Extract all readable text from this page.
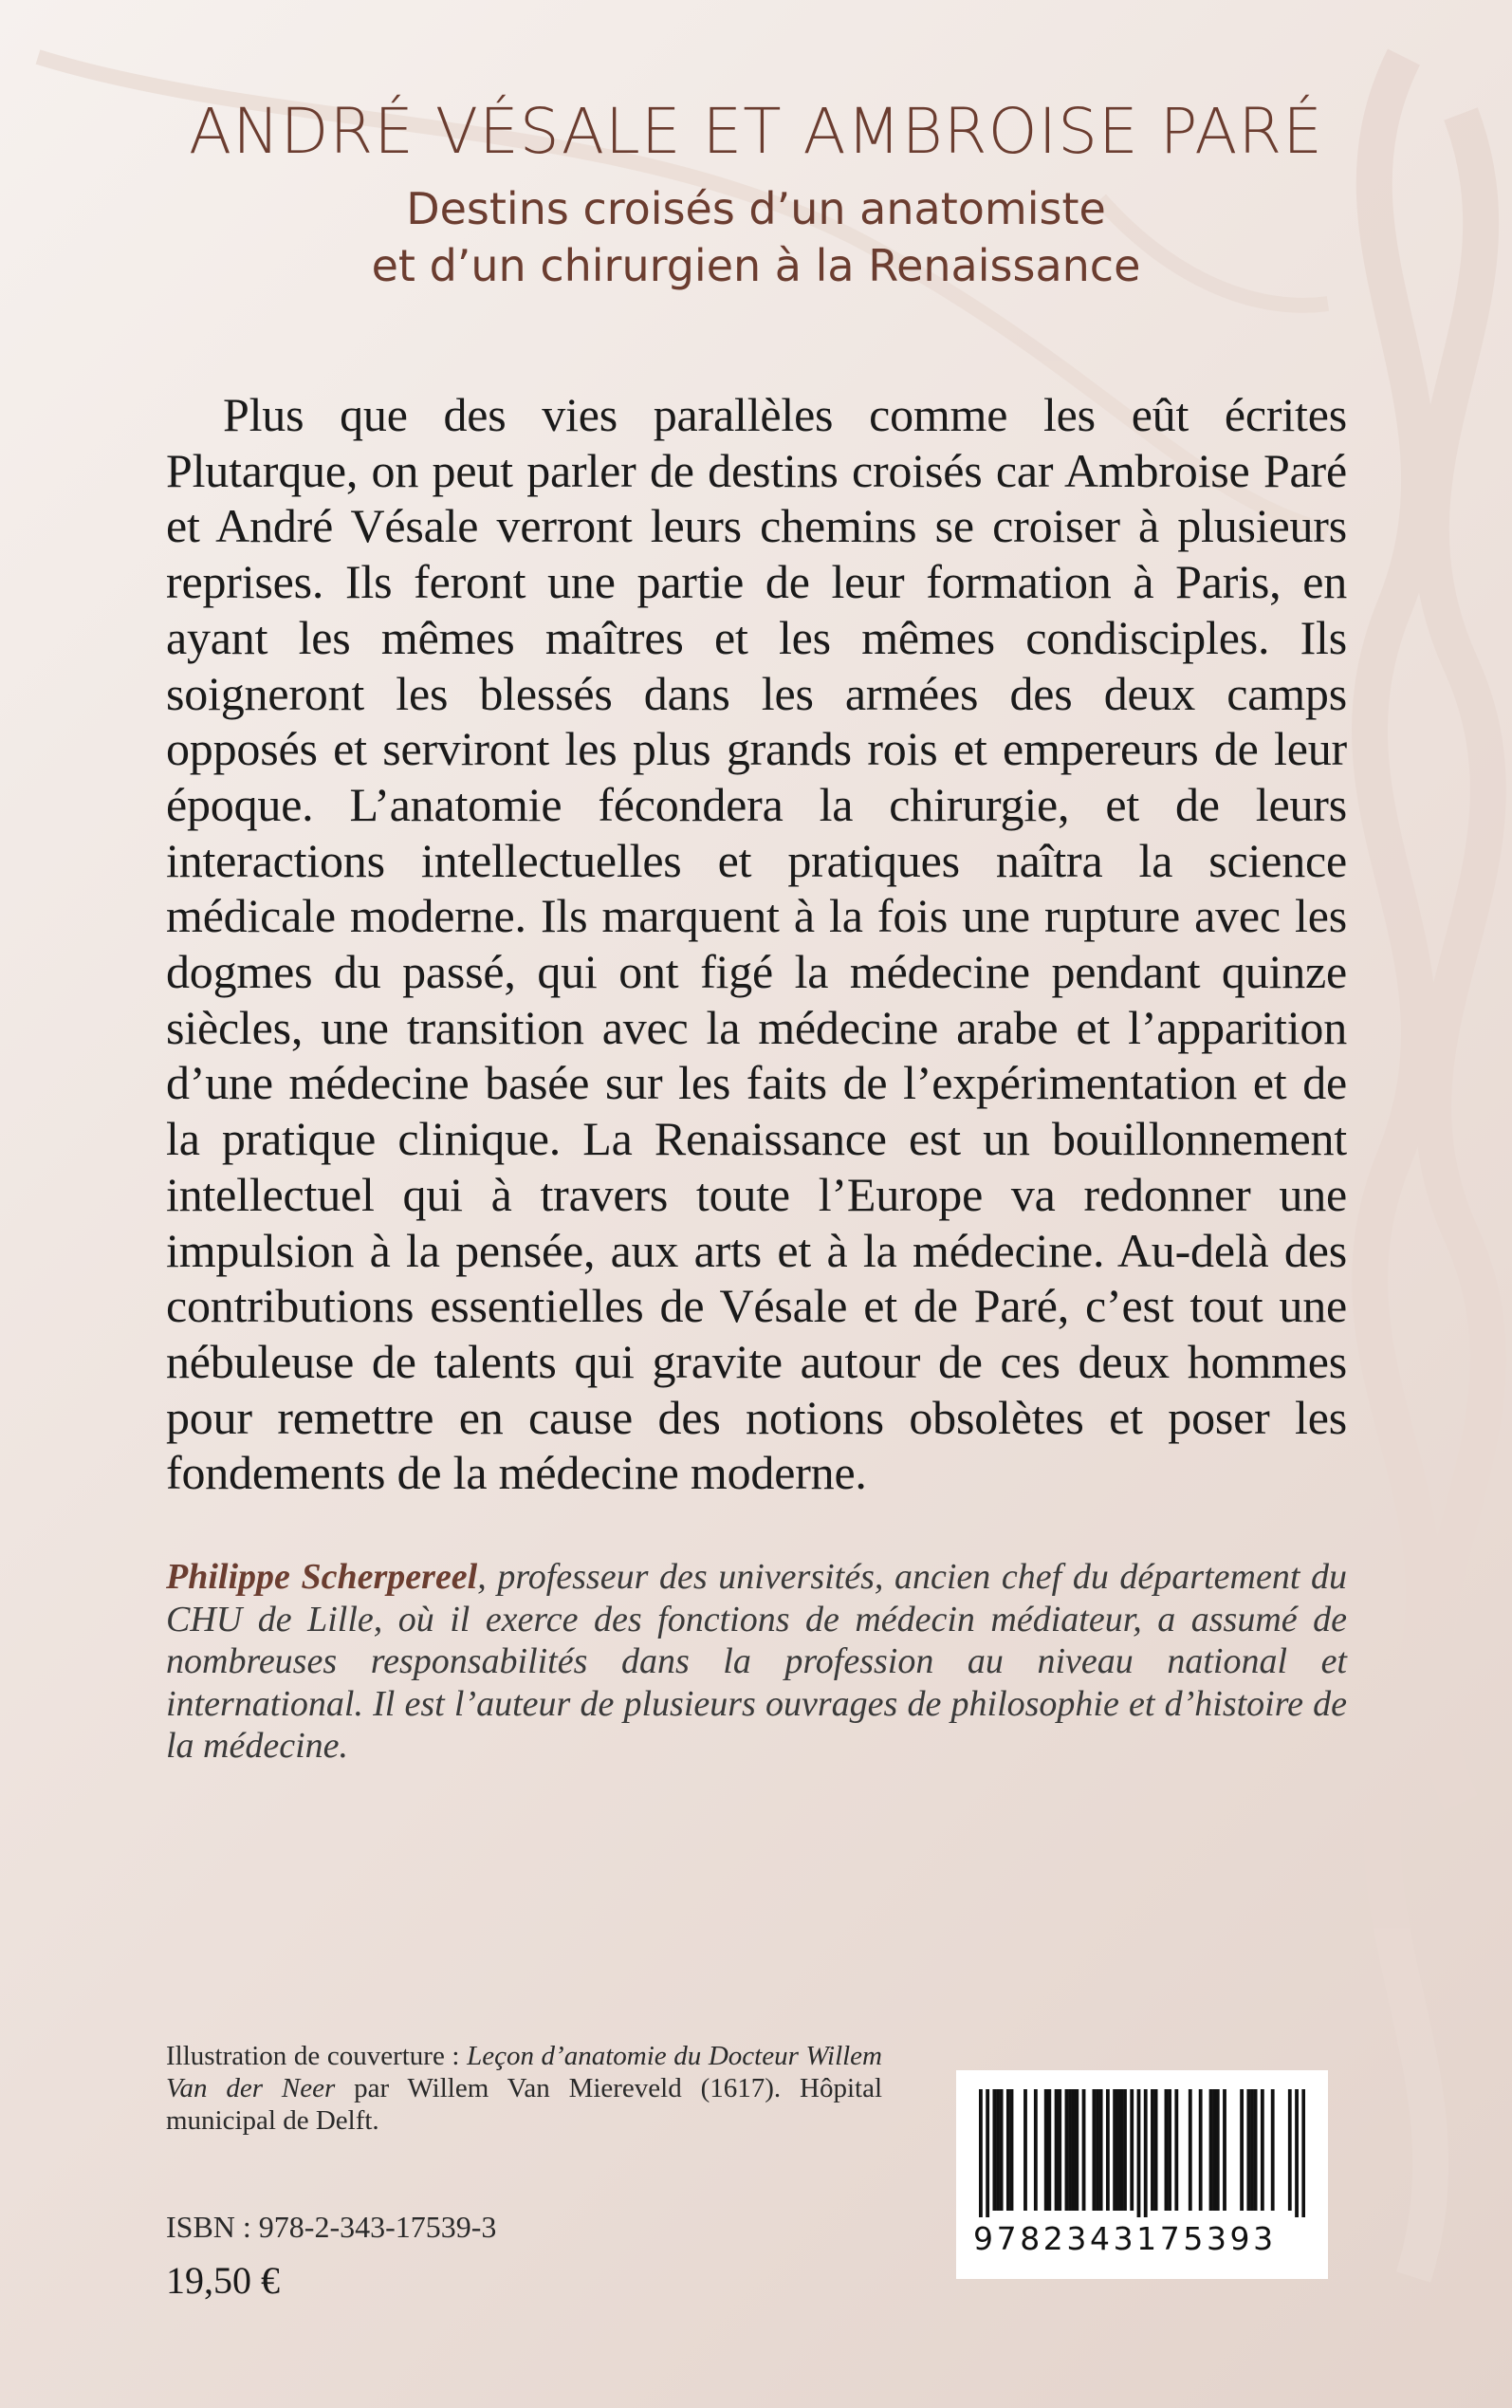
ANDRÉ VÉSALE ET AMBROISE PARÉ
Destins croisés d’un anatomiste
et d’un chirurgien à la Renaissance

Plus que des vies parallèles comme les eût écrites Plutarque, on peut parler de destins croisés car Ambroise Paré et André Vésale verront leurs chemins se croiser à plusieurs reprises. Ils feront une partie de leur formation à Paris, en ayant les mêmes maîtres et les mêmes condisciples. Ils soigneront les blessés dans les armées des deux camps opposés et serviront les plus grands rois et empereurs de leur époque. L’anatomie fécondera la chirurgie, et de leurs interactions intellectuelles et pratiques naîtra la science médicale moderne. Ils marquent à la fois une rupture avec les dogmes du passé, qui ont figé la médecine pendant quinze siècles, une transition avec la médecine arabe et l’apparition d’une médecine basée sur les faits de l’expérimentation et de la pratique clinique. La Renaissance est un bouillonnement intellectuel qui à travers toute l’Europe va redonner une impulsion à la pensée, aux arts et à la médecine. Au-delà des contributions essentielles de Vésale et de Paré, c’est tout une nébuleuse de talents qui gravite autour de ces deux hommes pour remettre en cause des notions obsolètes et poser les fondements de la médecine moderne.

Philippe Scherpereel, professeur des universités, ancien chef du département du CHU de Lille, où il exerce des fonctions de médecin médiateur, a assumé de nombreuses responsabilités dans la profession au niveau national et international. Il est l’auteur de plusieurs ouvrages de philosophie et d’histoire de la médecine.

Illustration de couverture : Leçon d’anatomie du Docteur Willem Van der Neer par Willem Van Miereveld (1617). Hôpital municipal de Delft.

ISBN : 978-2-343-17539-3
19,50 €
9782343175393
